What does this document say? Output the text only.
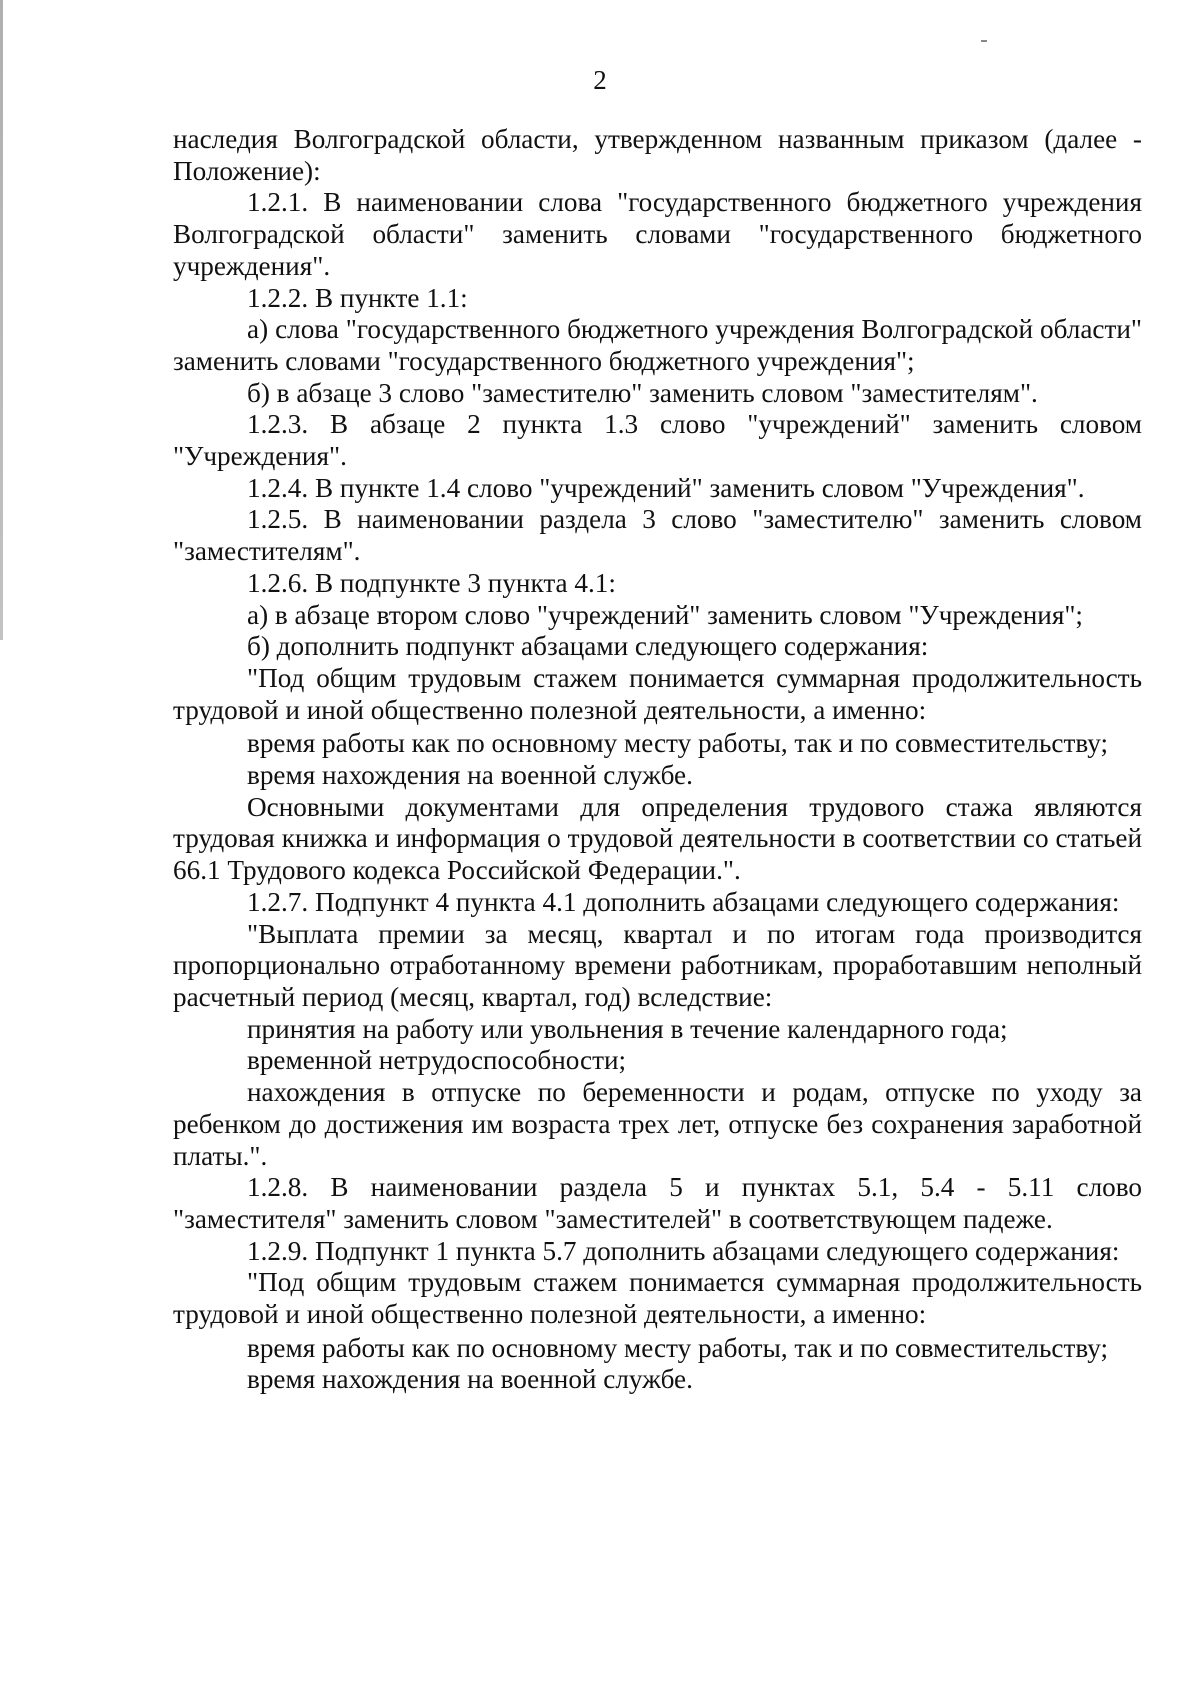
2

наследия Волгоградской области, утвержденном названным приказом (далее - Положение):

1.2.1. В наименовании слова "государственного бюджетного учреждения Волгоградской области" заменить словами "государственного бюджетного учреждения".

1.2.2. В пункте 1.1:

а) слова "государственного бюджетного учреждения Волгоградской области" заменить словами "государственного бюджетного учреждения";

б) в абзаце 3 слово "заместителю" заменить словом "заместителям".

1.2.3. В абзаце 2 пункта 1.3 слово "учреждений" заменить словом "Учреждения".

1.2.4. В пункте 1.4 слово "учреждений" заменить словом "Учреждения".

1.2.5. В наименовании раздела 3 слово "заместителю" заменить словом "заместителям".

1.2.6. В подпункте 3 пункта 4.1:

а) в абзаце втором слово "учреждений" заменить словом "Учреждения";

б) дополнить подпункт абзацами следующего содержания:

"Под общим трудовым стажем понимается суммарная продолжительность трудовой и иной общественно полезной деятельности, а именно:

время работы как по основному месту работы, так и по совместительству;

время нахождения на военной службе.

Основными документами для определения трудового стажа являются трудовая книжка и информация о трудовой деятельности в соответствии со статьей 66.1 Трудового кодекса Российской Федерации.".

1.2.7. Подпункт 4 пункта 4.1 дополнить абзацами следующего содержания:

"Выплата премии за месяц, квартал и по итогам года производится пропорционально отработанному времени работникам, проработавшим неполный расчетный период (месяц, квартал, год) вследствие:

принятия на работу или увольнения в течение календарного года;

временной нетрудоспособности;

нахождения в отпуске по беременности и родам, отпуске по уходу за ребенком до достижения им возраста трех лет, отпуске без сохранения заработной платы.".

1.2.8. В наименовании раздела 5 и пунктах 5.1, 5.4 - 5.11 слово "заместителя" заменить словом "заместителей" в соответствующем падеже.

1.2.9. Подпункт 1 пункта 5.7 дополнить абзацами следующего содержания:

"Под общим трудовым стажем понимается суммарная продолжительность трудовой и иной общественно полезной деятельности, а именно:

время работы как по основному месту работы, так и по совместительству;

время нахождения на военной службе.
